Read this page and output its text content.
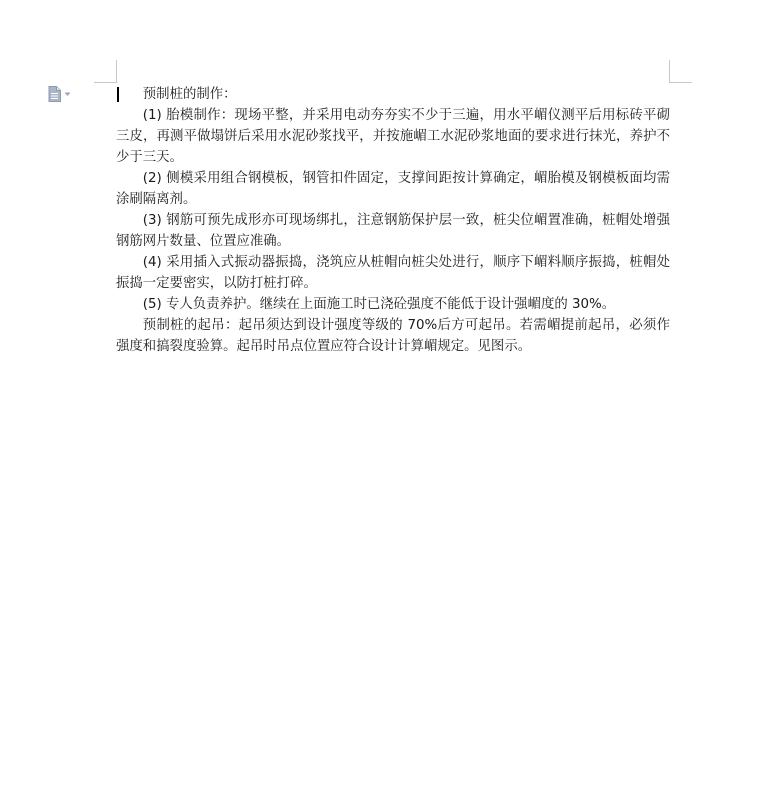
预制桩的制作：

(1) 胎模制作：现场平整，并采用电动夯夯实不少于三遍，用水平嵋仪测平后用标砖平砌三皮，再测平做塌饼后采用水泥砂浆找平，并按施嵋工水泥砂浆地面的要求进行抹光，养护不少于三天。

(2) 侧模采用组合钢模板，钢管扣件固定，支撑间距按计算确定，嵋胎模及钢模板面均需涂刷隔离剂。

(3) 钢筋可预先成形亦可现场绑扎，注意钢筋保护层一致，桩尖位嵋置准确，桩帽处增强钢筋网片数量、位置应准确。

(4) 采用插入式振动器振捣，浇筑应从桩帽向桩尖处进行，顺序下嵋料顺序振捣，桩帽处振捣一定要密实，以防打桩打碎。

(5) 专人负责养护。继续在上面施工时已浇砼强度不能低于设计强嵋度的 30%。

预制桩的起吊：起吊须达到设计强度等级的 70%后方可起吊。若需嵋提前起吊，必须作强度和搞裂度验算。起吊时吊点位置应符合设计计算嵋规定。见图示。
